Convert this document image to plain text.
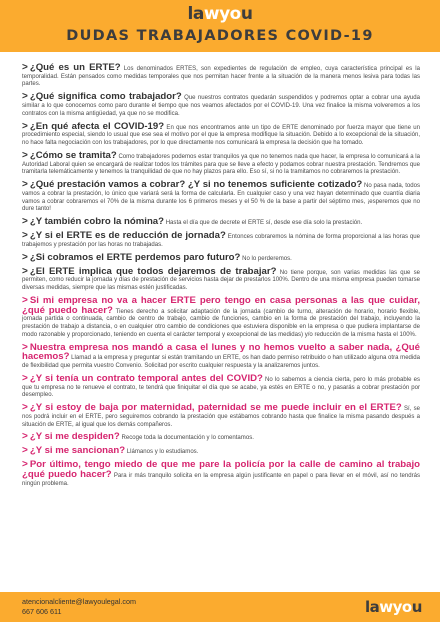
lawyou
DUDAS TRABAJADORES COVID-19
> ¿Qué es un ERTE? Los denominados ERTES, son expedientes de regulación de empleo, cuya característica principal es la temporalidad. Están pensados como medidas temporales que nos permitan hacer frente a la situación de la manera menos lesiva para todas las partes.
> ¿Qué significa como trabajador? Que nuestros contratos quedarán suspendidos y podremos optar a cobrar una ayuda similar a lo que conocemos como paro durante el tiempo que nos veamos afectados por el COVID-19. Una vez finalice la misma volveremos a los contratos con la misma antigüedad, ya que no se modifica.
> ¿En qué afecta el COVID-19? En que nos encontramos ante un tipo de ERTE denominado por fuerza mayor que tiene un procedimiento especial, siendo lo usual que ese sea el motivo por el que la empresa modifique la situación. Debido a lo excepcional de la situación, no hace falta negociación con los trabajadores, por lo que directamente nos comunicará la empresa la decisión que ha tomado.
> ¿Cómo se tramita? Como trabajadores podemos estar tranquilos ya que no tenemos nada que hacer, la empresa lo comunicará a la Autoridad Laboral quien se encargará de realizar todos los trámites para que se lleve a efecto y podamos cobrar nuestra prestación. Tendremos que tramitarla telemáticamente y tenemos la tranquilidad de que no hay plazos para ello. Eso sí, si no la tramitamos no cobraremos la prestación.
> ¿Qué prestación vamos a cobrar? ¿Y si no tenemos suficiente cotizado? No pasa nada, todos vamos a cobrar la prestación, lo único que variará será la forma de calcularla. En cualquier caso y una vez hayan determinado que cuantía diaria vamos a cobrar cobraremos el 70% de la misma durante los 6 primeros meses y el 50 % de la base a partir del séptimo mes, ¡esperemos que no dure tanto!
> ¿Y también cobro la nómina? Hasta el día que de decrete el ERTE sí, desde ese día solo la prestación.
> ¿Y si el ERTE es de reducción de jornada? Entonces cobraremos la nómina de forma proporcional a las horas que trabajemos y prestación por las horas no trabajadas.
> ¿Si cobramos el ERTE perdemos paro futuro? No lo perderemos.
> ¿El ERTE implica que todos dejaremos de trabajar? No tiene porque, son varias medidas las que se permiten, como reducir la jornada y días de prestación de servicios hasta dejar de prestarlos 100%. Dentro de una misma empresa pueden tomarse diversas medidas, siempre que las mismas estén justificadas.
> Si mi empresa no va a hacer ERTE pero tengo en casa personas a las que cuidar, ¿qué puedo hacer? Tienes derecho a solicitar adaptación de la jornada (cambio de turno, alteración de horario, horario flexible, jornada partida o continuada, cambio de centro de trabajo, cambio de funciones, cambio en la forma de prestación del trabajo, incluyendo la prestación de trabajo a distancia, o en cualquier otro cambio de condiciones que estuviera disponible en la empresa o que pudiera implantarse de modo razonable y proporcionado, teniendo en cuenta el carácter temporal y excepcional de las medidas) y/o reducción de la misma hasta el 100%.
> Nuestra empresa nos mandó a casa el lunes y no hemos vuelto a saber nada, ¿Qué hacemos? Llamad a la empresa y preguntar si están tramitando un ERTE, os han dado permiso retribuido o han utilizado alguna otra medida de flexibilidad que permita vuestro Convenio. Solicitad por escrito cualquier respuesta y la analizaremos juntos.
> ¿Y si tenía un contrato temporal antes del COVID? No lo sabemos a ciencia cierta, pero lo más probable es que tu empresa no te renueve el contrato, te tendrá que finiquitar el día que se acabe, ya estés en ERTE o no, y pasarás a cobrar prestación por desempleo.
> ¿Y si estoy de baja por maternidad, paternidad se me puede incluir en el ERTE? Sí, se nos podrá incluir en el ERTE, pero seguiremos cobrando la prestación que estábamos cobrando hasta que finalice la misma pasando después a situación de ERTE, al igual que los demás compañeros.
> ¿Y si me despiden? Recoge toda la documentación y lo comentamos.
> ¿Y si me sancionan? Llámanos y lo estudiamos.
> Por último, tengo miedo de que me pare la policía por la calle de camino al trabajo ¿qué puedo hacer? Para ir más tranquilo solicita en la empresa algún justificante en papel o para llevar en el móvil, así no tendrás ningún problema.
atencionalcliente@lawyoulegal.com
667 606 611	lawyou
